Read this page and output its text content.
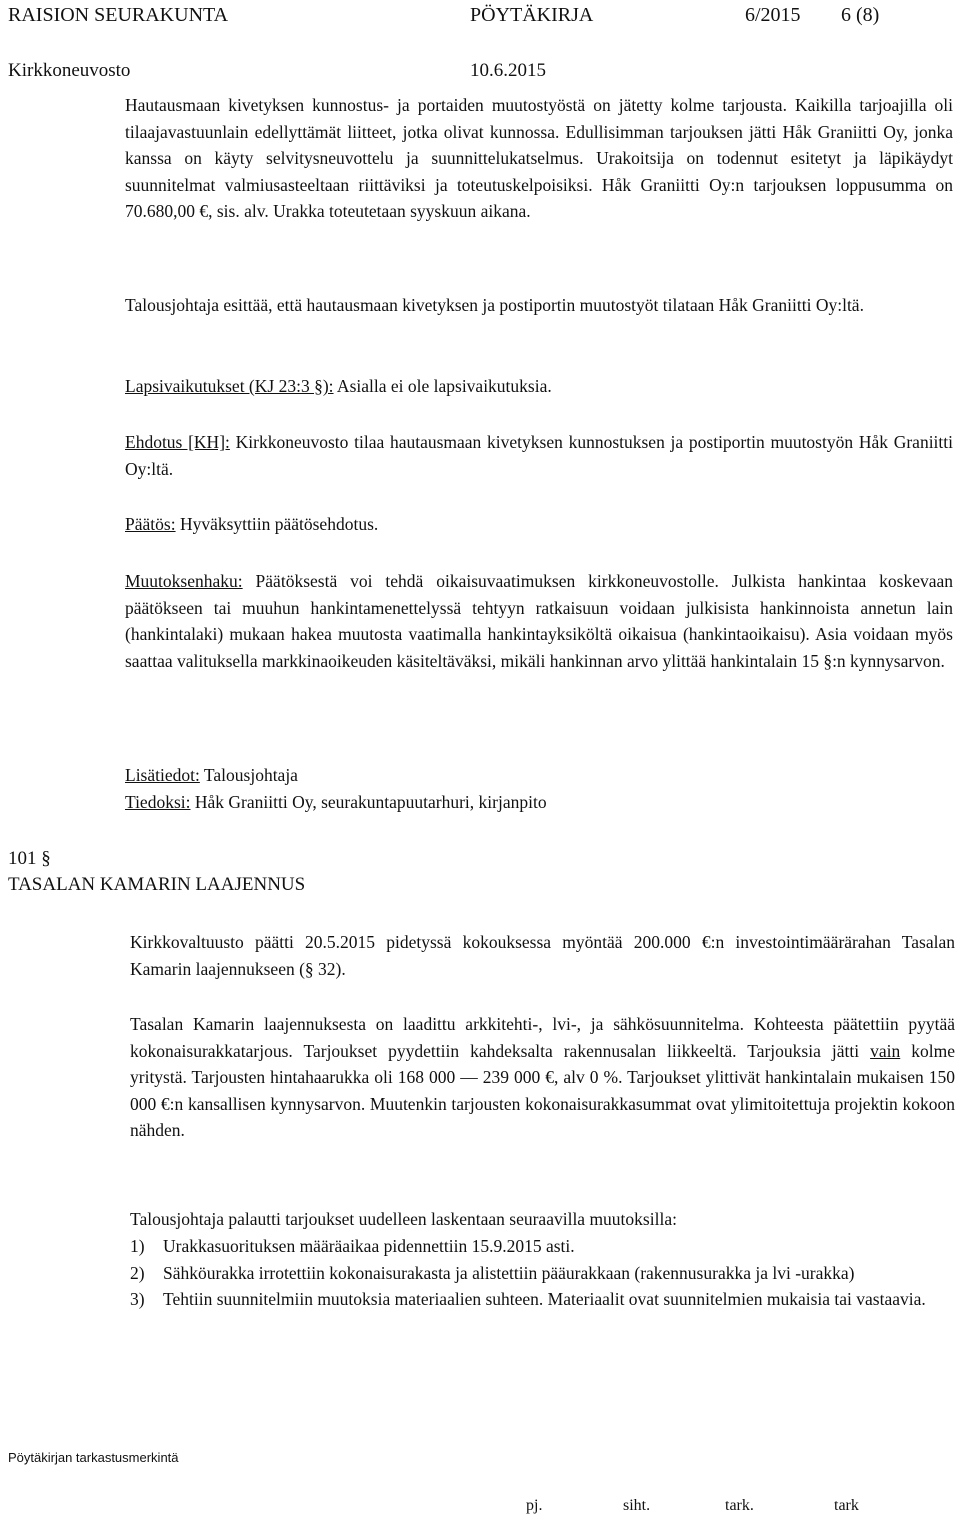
RAISION SEURAKUNTA	PÖYTÄKIRJA	6/2015 6 (8)
Kirkkoneuvosto	10.6.2015
Hautausmaan kivetyksen kunnostus- ja portaiden muutostyöstä on jätetty kolme tarjousta. Kaikilla tarjoajilla oli tilaajavastuunlain edellyttämät liitteet, jotka olivat kunnossa. Edullisimman tarjouksen jätti Håk Graniitti Oy, jonka kanssa on käyty selvitysneuvottelu ja suunnittelukatselmus. Urakoitsija on todennut esitetyt ja läpikäydyt suunnitelmat valmiusasteeltaan riittäviksi ja toteutuskelpoisiksi. Håk Graniitti Oy:n tarjouksen loppusumma on 70.680,00 €, sis. alv. Urakka toteutetaan syyskuun aikana.
Talousjohtaja esittää, että hautausmaan kivetyksen ja postiportin muutostyöt tilataan Håk Graniitti Oy:ltä.
Lapsivaikutukset (KJ 23:3 §): Asialla ei ole lapsivaikutuksia.
Ehdotus [KH]: Kirkkoneuvosto tilaa hautausmaan kivetyksen kunnostuksen ja postiportin muutostyön Håk Graniitti Oy:ltä.
Päätös: Hyväksyttiin päätösehdotus.
Muutoksenhaku: Päätöksestä voi tehdä oikaisuvaatimuksen kirkkoneuvostolle. Julkista hankintaa koskevaan päätökseen tai muuhun hankintamenettelyssä tehtyyn ratkaisuun voidaan julkisista hankinnoista annetun lain (hankintalaki) mukaan hakea muutosta vaatimalla hankintayksiköltä oikaisua (hankintaoikaisu). Asia voidaan myös saattaa valituksella markkinaoikeuden käsiteltäväksi, mikäli hankinnan arvo ylittää hankintalain 15 §:n kynnysarvon.
Lisätiedot: Talousjohtaja
Tiedoksi: Håk Graniitti Oy, seurakuntapuutarhuri, kirjanpito
101 §
TASALAN KAMARIN LAAJENNUS
Kirkkovaltuusto päätti 20.5.2015 pidetyssä kokouksessa myöntää 200.000 €:n investointimäärärahan Tasalan Kamarin laajennukseen (§ 32).
Tasalan Kamarin laajennuksesta on laadittu arkkitehti-, lvi-, ja sähkösuunnitelma. Kohteesta päätettiin pyytää kokonaisurakkatarjous. Tarjoukset pyydettiin kahdeksalta rakennusalan liikkeeltä. Tarjouksia jätti vain kolme yritystä. Tarjousten hintahaarukka oli 168 000 — 239 000 €, alv 0 %. Tarjoukset ylittivät hankintalain mukaisen 150 000 €:n kansallisen kynnysarvon. Muutenkin tarjousten kokonaisurakkasummat ovat ylimitoitettuja projektin kokoon nähden.
Talousjohtaja palautti tarjoukset uudelleen laskentaan seuraavilla muutoksilla:
1)	Urakkasuorituksen määräaikaa pidennettiin 15.9.2015 asti.
2)	Sähköurakka irrotettiin kokonaisurakasta ja alistettiin pääurakkaan (rakennusurakka ja lvi -urakka)
3)	Tehtiin suunnitelmiin muutoksia materiaalien suhteen. Materiaalit ovat suunnitelmien mukaisia tai vastaavia.
Pöytäkirjan tarkastusmerkintä
pj.	siht.	tark.	tark
